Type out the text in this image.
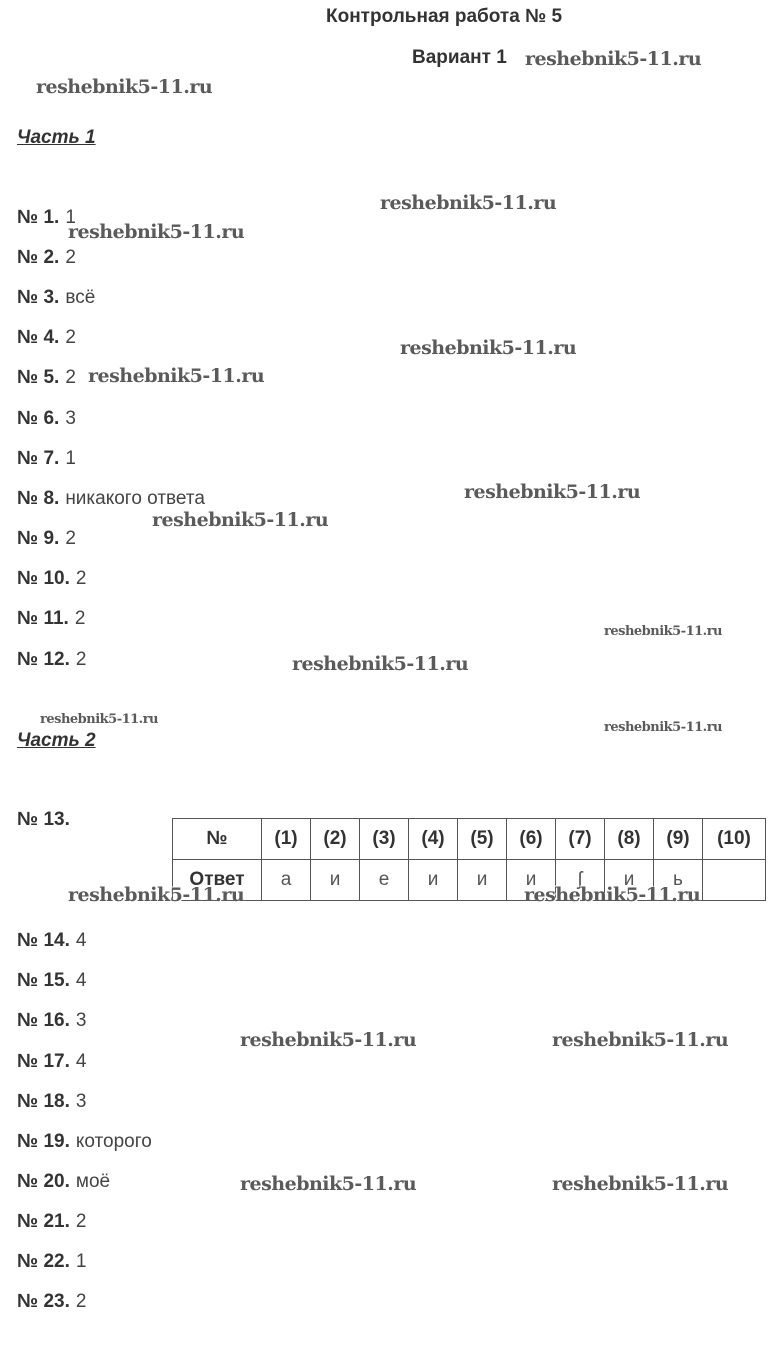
Контрольная работа № 5
Вариант 1
Часть 1
№ 1. 1
№ 2. 2
№ 3. всё
№ 4. 2
№ 5. 2
№ 6. 3
№ 7. 1
№ 8. никакого ответа
№ 9. 2
№ 10. 2
№ 11. 2
№ 12. 2
Часть 2
№ 13.
№	(1)	(2)	(3)	(4)	(5)	(6)	(7)	(8)	(9)	(10)
Ответ	а	и	е	и	и	и	ʃ	и	ь	
№ 14. 4
№ 15. 4
№ 16. 3
№ 17. 4
№ 18. 3
№ 19. которого
№ 20. моё
№ 21. 2
№ 22. 1
№ 23. 2
reshebnik5-11.ru
reshebnik5-11.ru
reshebnik5-11.ru
reshebnik5-11.ru
reshebnik5-11.ru
reshebnik5-11.ru
reshebnik5-11.ru
reshebnik5-11.ru
reshebnik5-11.ru
reshebnik5-11.ru
reshebnik5-11.ru
reshebnik5-11.ru
reshebnik5-11.ru	reshebnik5-11.ru
reshebnik5-11.ru	reshebnik5-11.ru
reshebnik5-11.ru	reshebnik5-11.ru
